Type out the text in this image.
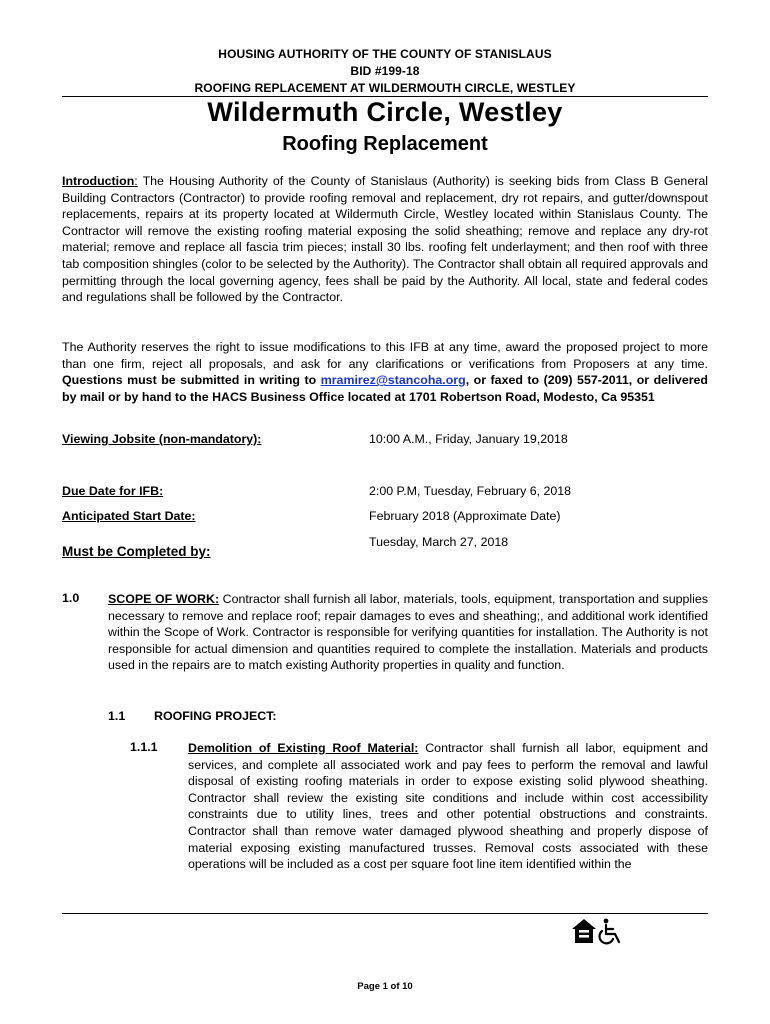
HOUSING AUTHORITY OF THE COUNTY OF STANISLAUS
BID #199-18
ROOFING REPLACEMENT AT WILDERMOUTH CIRCLE, WESTLEY
Wildermuth Circle, Westley
Roofing Replacement
Introduction: The Housing Authority of the County of Stanislaus (Authority) is seeking bids from Class B General Building Contractors (Contractor) to provide roofing removal and replacement, dry rot repairs, and gutter/downspout replacements, repairs at its property located at Wildermuth Circle, Westley located within Stanislaus County. The Contractor will remove the existing roofing material exposing the solid sheathing; remove and replace any dry-rot material; remove and replace all fascia trim pieces; install 30 lbs. roofing felt underlayment; and then roof with three tab composition shingles (color to be selected by the Authority). The Contractor shall obtain all required approvals and permitting through the local governing agency, fees shall be paid by the Authority. All local, state and federal codes and regulations shall be followed by the Contractor.
The Authority reserves the right to issue modifications to this IFB at any time, award the proposed project to more than one firm, reject all proposals, and ask for any clarifications or verifications from Proposers at any time. Questions must be submitted in writing to mramirez@stancoha.org, or faxed to (209) 557-2011, or delivered by mail or by hand to the HACS Business Office located at 1701 Robertson Road, Modesto, Ca 95351
Viewing Jobsite (non-mandatory):	10:00 A.M., Friday, January 19,2018
Due Date for IFB:	2:00 P.M, Tuesday, February 6, 2018
Anticipated Start Date:	February 2018 (Approximate Date)
Must be Completed by:
Tuesday, March 27, 2018
1.0 SCOPE OF WORK: Contractor shall furnish all labor, materials, tools, equipment, transportation and supplies necessary to remove and replace roof; repair damages to eves and sheathing;, and additional work identified within the Scope of Work. Contractor is responsible for verifying quantities for installation. The Authority is not responsible for actual dimension and quantities required to complete the installation. Materials and products used in the repairs are to match existing Authority properties in quality and function.
1.1 ROOFING PROJECT:
1.1.1 Demolition of Existing Roof Material: Contractor shall furnish all labor, equipment and services, and complete all associated work and pay fees to perform the removal and lawful disposal of existing roofing materials in order to expose existing solid plywood sheathing. Contractor shall review the existing site conditions and include within cost accessibility constraints due to utility lines, trees and other potential obstructions and constraints. Contractor shall than remove water damaged plywood sheathing and properly dispose of material exposing existing manufactured trusses. Removal costs associated with these operations will be included as a cost per square foot line item identified within the
Page 1 of 10
